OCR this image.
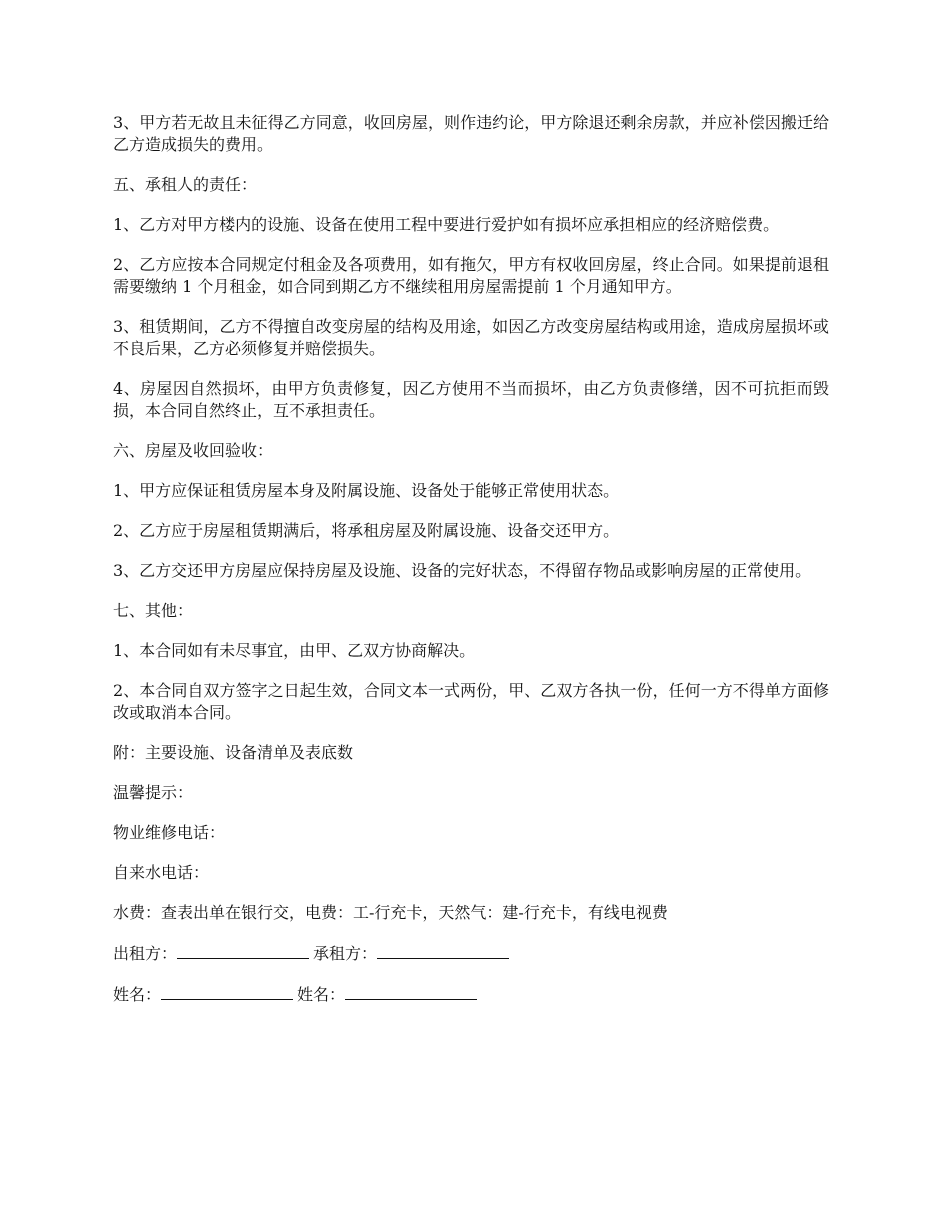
3、甲方若无故且未征得乙方同意，收回房屋，则作违约论，甲方除退还剩余房款，并应补偿因搬迁给乙方造成损失的费用。

五、承租人的责任：

1、乙方对甲方楼内的设施、设备在使用工程中要进行爱护如有损坏应承担相应的经济赔偿费。

2、乙方应按本合同规定付租金及各项费用，如有拖欠，甲方有权收回房屋，终止合同。如果提前退租需要缴纳 1 个月租金，如合同到期乙方不继续租用房屋需提前 1 个月通知甲方。

3、租赁期间，乙方不得擅自改变房屋的结构及用途，如因乙方改变房屋结构或用途，造成房屋损坏或不良后果，乙方必须修复并赔偿损失。

4、房屋因自然损坏，由甲方负责修复，因乙方使用不当而损坏，由乙方负责修缮，因不可抗拒而毁损，本合同自然终止，互不承担责任。

六、房屋及收回验收：

1、甲方应保证租赁房屋本身及附属设施、设备处于能够正常使用状态。

2、乙方应于房屋租赁期满后，将承租房屋及附属设施、设备交还甲方。

3、乙方交还甲方房屋应保持房屋及设施、设备的完好状态，不得留存物品或影响房屋的正常使用。

七、其他：

1、本合同如有未尽事宜，由甲、乙双方协商解决。

2、本合同自双方签字之日起生效，合同文本一式两份，甲、乙双方各执一份，任何一方不得单方面修改或取消本合同。

附：主要设施、设备清单及表底数

温馨提示：

物业维修电话：

自来水电话：

水费：查表出单在银行交，电费：工-行充卡，天然气：建-行充卡，有线电视费

出租方：	承租方：

姓名：	姓名：
